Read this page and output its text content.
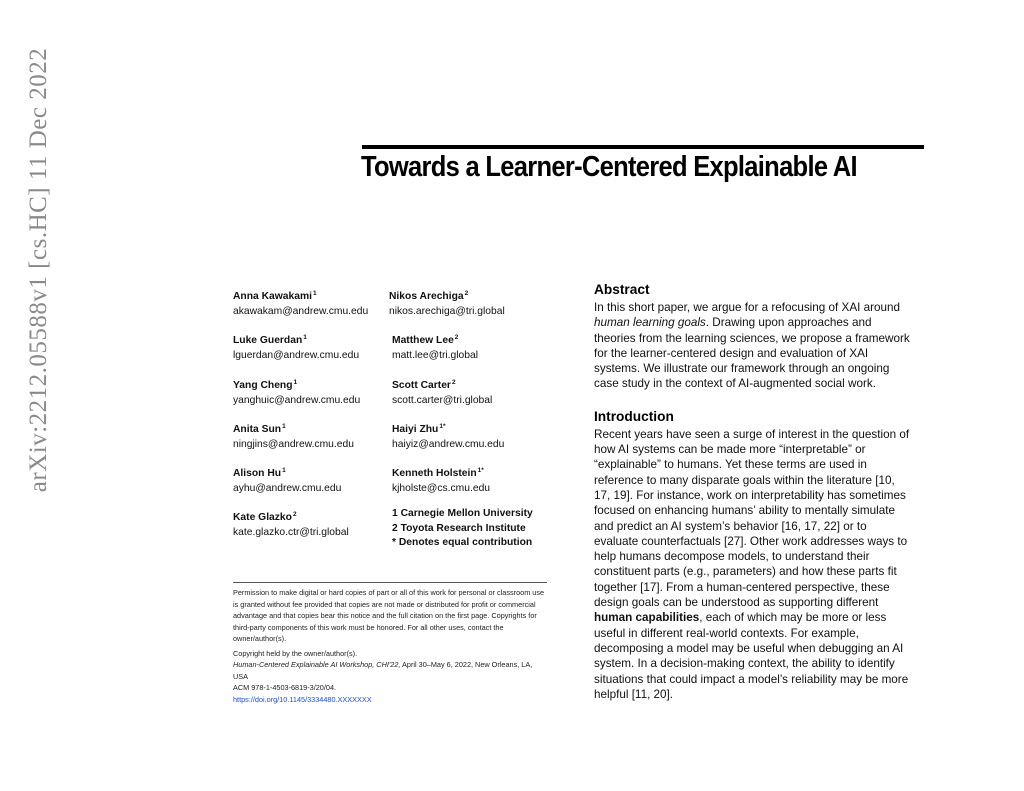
arXiv:2212.05588v1 [cs.HC] 11 Dec 2022	Towards a Learner-Centered Explainable AI
Anna Kawakami$^1$
akawakam@andrew.cmu.edu
Nikos Arechiga$^2$
nikos.arechiga@tri.global
Luke Guerdan$^1$
lguerdan@andrew.cmu.edu
Matthew Lee$^2$
matt.lee@tri.global
Yang Cheng$^1$
yanghuic@andrew.cmu.edu
Scott Carter$^2$
scott.carter@tri.global
Anita Sun$^1$
ningjins@andrew.cmu.edu
Haiyi Zhu$^{1*}$
haiyiz@andrew.cmu.edu
Alison Hu$^1$
ayhu@andrew.cmu.edu
Kenneth Holstein$^{1*}$
kjholste@cs.cmu.edu
Kate Glazko$^2$
kate.glazko.ctr@tri.global
1 Carnegie Mellon University
2 Toyota Research Institute
* Denotes equal contribution

Permission to make digital or hard copies of part or all of this work for personal or classroom use is granted without fee provided that copies are not made or distributed for profit or commercial advantage and that copies bear this notice and the full citation on the first page. Copyrights for third-party components of this work must be honored. For all other uses, contact the owner/author(s).

Copyright held by the owner/author(s).

Human-Centered Explainable AI Workshop, CHI'22, April 30–May 6, 2022, New Orleans, LA, USA

ACM 978-1-4503-6819-3/20/04.

https://doi.org/10.1145/3334480.XXXXXXX

Abstract

In this short paper, we argue for a refocusing of XAI around human learning goals. Drawing upon approaches and theories from the learning sciences, we propose a framework for the learner-centered design and evaluation of XAI systems. We illustrate our framework through an ongoing case study in the context of AI-augmented social work.

Introduction

Recent years have seen a surge of interest in the question of how AI systems can be made more “interpretable” or “explainable” to humans. Yet these terms are used in reference to many disparate goals within the literature [10, 17, 19]. For instance, work on interpretability has sometimes focused on enhancing humans’ ability to mentally simulate and predict an AI system’s behavior [16, 17, 22] or to evaluate counterfactuals [27]. Other work addresses ways to help humans decompose models, to understand their constituent parts (e.g., parameters) and how these parts fit together [17]. From a human-centered perspective, these design goals can be understood as supporting different human capabilities, each of which may be more or less useful in different real-world contexts. For example, decomposing a model may be useful when debugging an AI system. In a decision-making context, the ability to identify situations that could impact a model’s reliability may be more helpful [11, 20].
